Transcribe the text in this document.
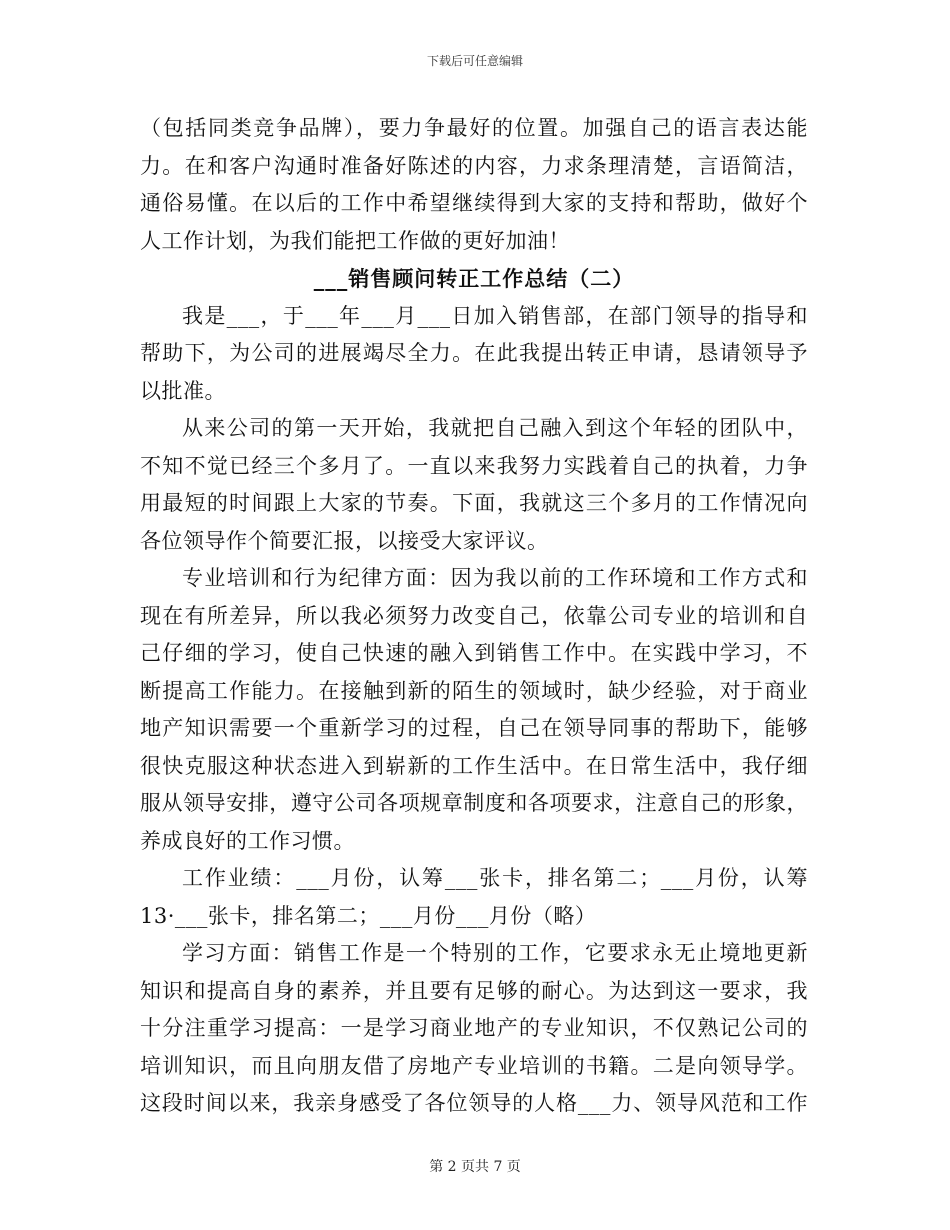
下载后可任意编辑
（包括同类竞争品牌），要力争最好的位置。加强自己的语言表达能
力。在和客户沟通时准备好陈述的内容，力求条理清楚，言语简洁，
通俗易懂。在以后的工作中希望继续得到大家的支持和帮助，做好个
人工作计划，为我们能把工作做的更好加油！
___销售顾问转正工作总结（二）
我是___，于___年___月___日加入销售部，在部门领导的指导和
帮助下，为公司的进展竭尽全力。在此我提出转正申请，恳请领导予
以批准。
从来公司的第一天开始，我就把自己融入到这个年轻的团队中，
不知不觉已经三个多月了。一直以来我努力实践着自己的执着，力争
用最短的时间跟上大家的节奏。下面，我就这三个多月的工作情况向
各位领导作个简要汇报，以接受大家评议。
专业培训和行为纪律方面：因为我以前的工作环境和工作方式和
现在有所差异，所以我必须努力改变自己，依靠公司专业的培训和自
己仔细的学习，使自己快速的融入到销售工作中。在实践中学习，不
断提高工作能力。在接触到新的陌生的领域时，缺少经验，对于商业
地产知识需要一个重新学习的过程，自己在领导同事的帮助下，能够
很快克服这种状态进入到崭新的工作生活中。在日常生活中，我仔细
服从领导安排，遵守公司各项规章制度和各项要求，注意自己的形象，
养成良好的工作习惯。
工作业绩：___月份，认筹___张卡，排名第二；___月份，认筹
13·___张卡，排名第二；___月份___月份（略）
学习方面：销售工作是一个特别的工作，它要求永无止境地更新
知识和提高自身的素养，并且要有足够的耐心。为达到这一要求，我
十分注重学习提高：一是学习商业地产的专业知识，不仅熟记公司的
培训知识，而且向朋友借了房地产专业培训的书籍。二是向领导学。
这段时间以来，我亲身感受了各位领导的人格___力、领导风范和工作
第 2 页共 7 页
